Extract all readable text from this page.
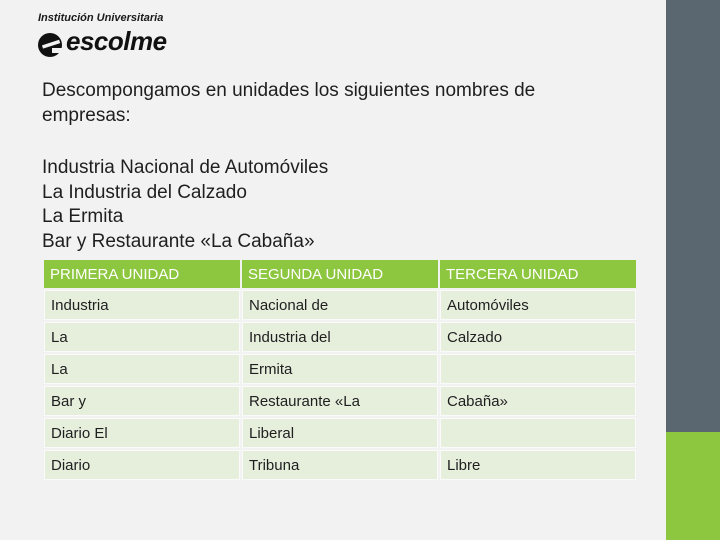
Institución Universitaria
escolme
Descompongamos en unidades los siguientes nombres de empresas:
Industria Nacional de Automóviles
La Industria del Calzado
La Ermita
Bar y Restaurante «La Cabaña»
PRIMERA UNIDAD	SEGUNDA UNIDAD	TERCERA UNIDAD
Industria	Nacional de	Automóviles
La	Industria del	Calzado
La	Ermita	
Bar y	Restaurante «La	Cabaña»
Diario El	Liberal	
Diario	Tribuna	Libre
